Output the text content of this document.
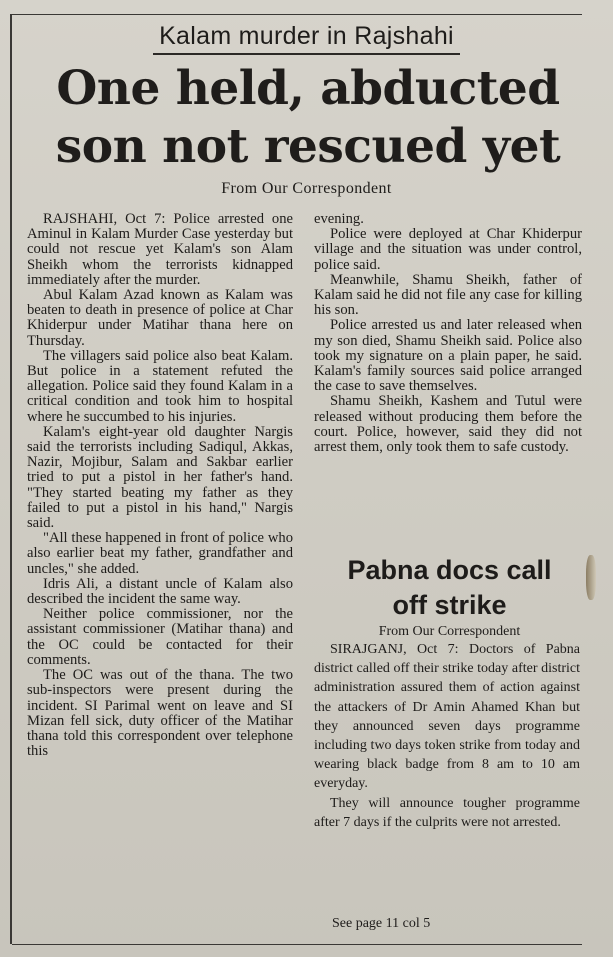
Kalam murder in Rajshahi
One held, abducted
son not rescued yet
From Our Correspondent

RAJSHAHI, Oct 7: Police arrested one Aminul in Kalam Murder Case yesterday but could not rescue yet Kalam's son Alam Sheikh whom the terrorists kidnapped immediately after the murder.

Abul Kalam Azad known as Kalam was beaten to death in presence of police at Char Khiderpur under Matihar thana here on Thursday.

The villagers said police also beat Kalam. But police in a statement refuted the allegation. Police said they found Kalam in a critical condition and took him to hospital where he succumbed to his injuries.

Kalam's eight-year old daughter Nargis said the terrorists including Sadiqul, Akkas, Nazir, Mojibur, Salam and Sakbar earlier tried to put a pistol in her father's hand. "They started beating my father as they failed to put a pistol in his hand," Nargis said.

"All these happened in front of police who also earlier beat my father, grandfather and uncles," she added.

Idris Ali, a distant uncle of Kalam also described the incident the same way.

Neither police commissioner, nor the assistant commissioner (Matihar thana) and the OC could be contacted for their comments.

The OC was out of the thana. The two sub-inspectors were present during the incident. SI Parimal went on leave and SI Mizan fell sick, duty officer of the Matihar thana told this correspondent over telephone this

evening.

Police were deployed at Char Khiderpur village and the situation was under control, police said.

Meanwhile, Shamu Sheikh, father of Kalam said he did not file any case for killing his son.

Police arrested us and later released when my son died, Shamu Sheikh said. Police also took my signature on a plain paper, he said. Kalam's family sources said police arranged the case to save themselves.

Shamu Sheikh, Kashem and Tutul were released without producing them before the court. Police, however, said they did not arrest them, only took them to safe custody.

Pabna docs call
off strike
From Our Correspondent

SIRAJGANJ, Oct 7: Doctors of Pabna district called off their strike today after district administration assured them of action against the attackers of Dr Amin Ahamed Khan but they announced seven days programme including two days token strike from today and wearing black badge from 8 am to 10 am everyday.

They will announce tougher programme after 7 days if the culprits were not arrested.

See page 11 col 5
